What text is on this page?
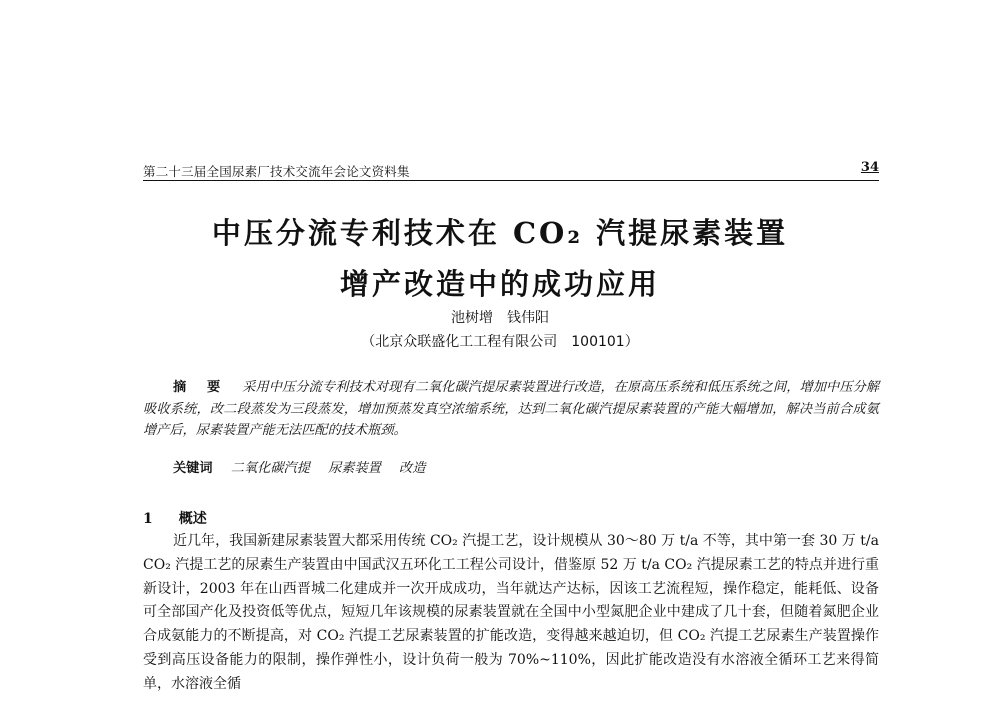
第二十三届全国尿素厂技术交流年会论文资料集	34
中压分流专利技术在 CO₂ 汽提尿素装置
增产改造中的成功应用
池树增　钱伟阳
（北京众联盛化工工程有限公司　100101）
摘 要 采用中压分流专利技术对现有二氧化碳汽提尿素装置进行改造，在原高压系统和低压系统之间，增加中压分解吸收系统，改二段蒸发为三段蒸发，增加预蒸发真空浓缩系统，达到二氧化碳汽提尿素装置的产能大幅增加，解决当前合成氨增产后，尿素装置产能无法匹配的技术瓶颈。
关键词 二氧化碳汽提 尿素装置 改造
1 概述
近几年，我国新建尿素装置大都采用传统 CO₂ 汽提工艺，设计规模从 30～80 万 t/a 不等，其中第一套 30 万 t/a CO₂ 汽提工艺的尿素生产装置由中国武汉五环化工工程公司设计，借鉴原 52 万 t/a CO₂ 汽提尿素工艺的特点并进行重新设计，2003 年在山西晋城二化建成并一次开成成功，当年就达产达标，因该工艺流程短，操作稳定，能耗低、设备可全部国产化及投资低等优点，短短几年该规模的尿素装置就在全国中小型氮肥企业中建成了几十套，但随着氮肥企业合成氨能力的不断提高，对 CO₂ 汽提工艺尿素装置的扩能改造，变得越来越迫切，但 CO₂ 汽提工艺尿素生产装置操作受到高压设备能力的限制，操作弹性小，设计负荷一般为 70%~110%，因此扩能改造没有水溶液全循环工艺来得简单，水溶液全循
